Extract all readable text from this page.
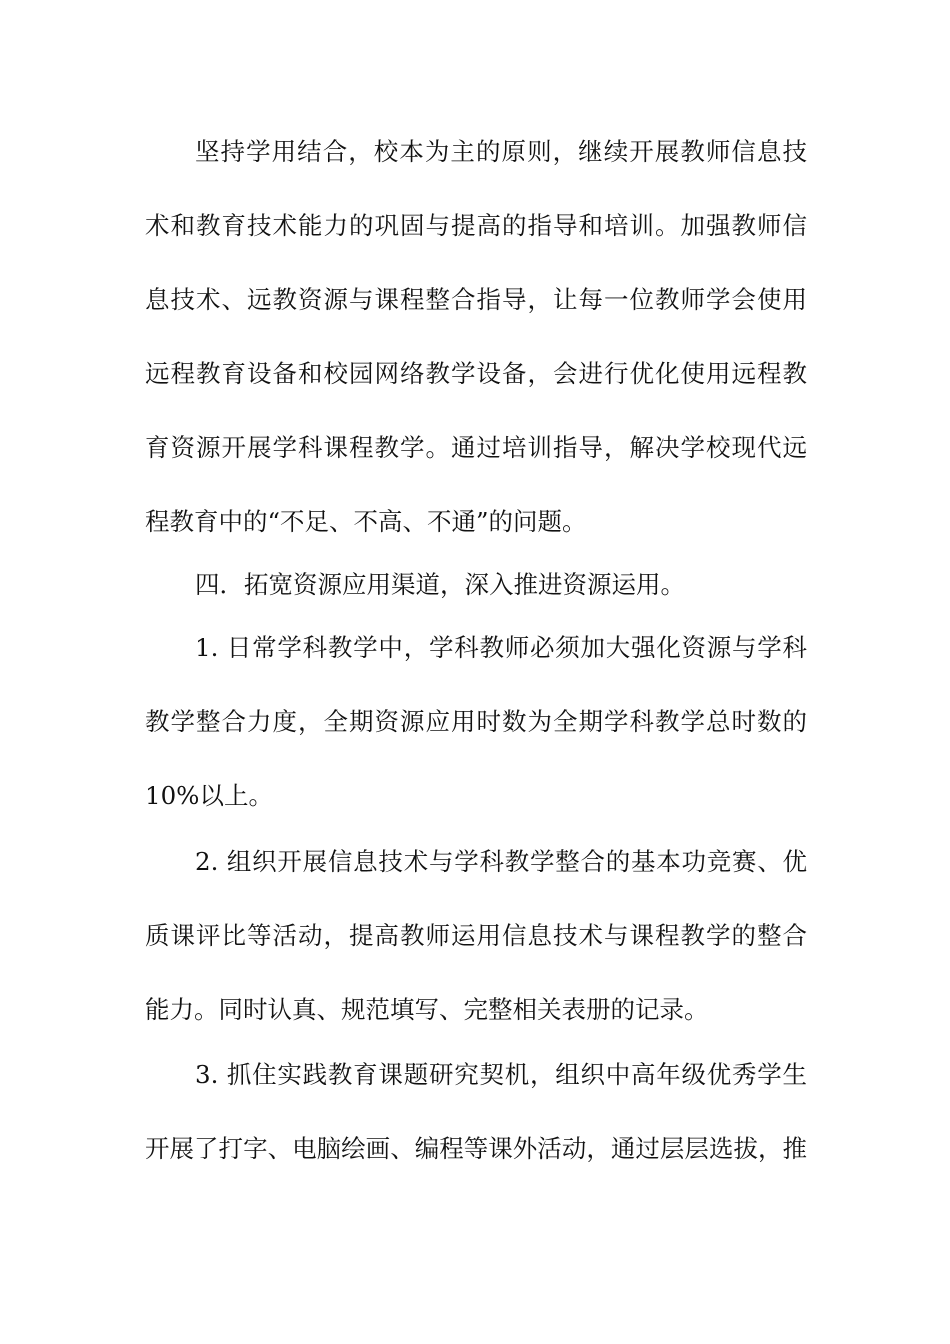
坚持学用结合，校本为主的原则，继续开展教师信息技
术和教育技术能力的巩固与提高的指导和培训。加强教师信
息技术、远教资源与课程整合指导，让每一位教师学会使用
远程教育设备和校园网络教学设备，会进行优化使用远程教
育资源开展学科课程教学。通过培训指导，解决学校现代远
程教育中的“不足、不高、不通”的问题。
四．拓宽资源应用渠道，深入推进资源运用。
1. 日常学科教学中，学科教师必须加大强化资源与学科
教学整合力度，全期资源应用时数为全期学科教学总时数的
10%以上。
2. 组织开展信息技术与学科教学整合的基本功竞赛、优
质课评比等活动，提高教师运用信息技术与课程教学的整合
能力。同时认真、规范填写、完整相关表册的记录。
3. 抓住实践教育课题研究契机，组织中高年级优秀学生
开展了打字、电脑绘画、编程等课外活动，通过层层选拔，推
